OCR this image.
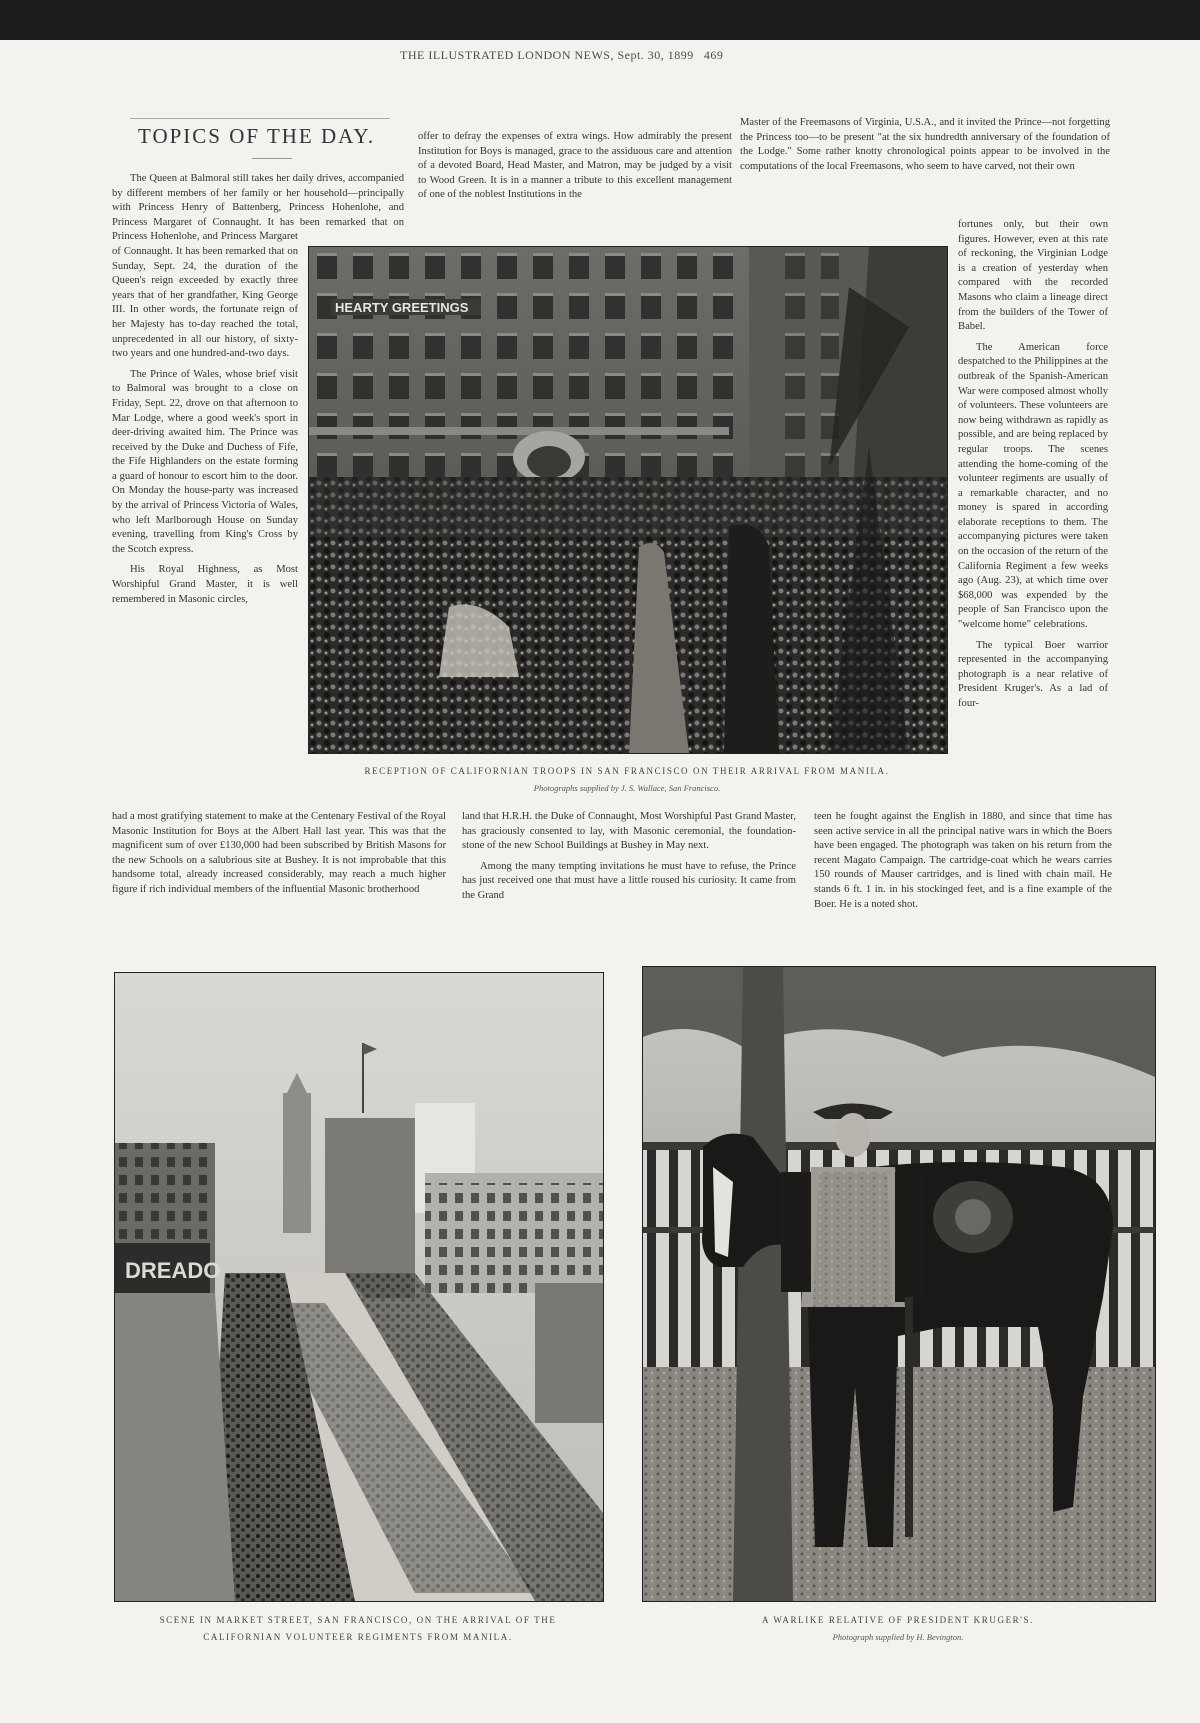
THE ILLUSTRATED LONDON NEWS, Sept. 30, 1899 469
TOPICS OF THE DAY.

The Queen at Balmoral still takes her daily drives, accompanied by different members of her family or her household—principally with Princess Henry of Battenberg, Princess Hohenlohe, and Princess Margaret of Connaught. It has been remarked that on

offer to defray the expenses of extra wings. How admirably the present Institution for Boys is managed, grace to the assiduous care and attention of a devoted Board, Head Master, and Matron, may be judged by a visit to Wood Green. It is in a manner a tribute to this excellent management of one of the noblest Institutions in the

Master of the Freemasons of Virginia, U.S.A., and it invited the Prince—not forgetting the Princess too—to be present "at the six hundredth anniversary of the foundation of the Lodge." Some rather knotty chronological points appear to be involved in the computations of the local Freemasons, who seem to have carved, not their own

Princess Hohenlohe, and Princess Margaret of Connaught. It has been remarked that on Sunday, Sept. 24, the duration of the Queen's reign exceeded by exactly three years that of her grandfather, King George III. In other words, the fortunate reign of her Majesty has to-day reached the total, unprecedented in all our history, of sixty-two years and one hundred-and-two days.

The Prince of Wales, whose brief visit to Balmoral was brought to a close on Friday, Sept. 22, drove on that afternoon to Mar Lodge, where a good week's sport in deer-driving awaited him. The Prince was received by the Duke and Duchess of Fife, the Fife Highlanders on the estate forming a guard of honour to escort him to the door. On Monday the house-party was increased by the arrival of Princess Victoria of Wales, who left Marlborough House on Sunday evening, travelling from King's Cross by the Scotch express.

His Royal Highness, as Most Worshipful Grand Master, it is well remembered in Masonic circles,

fortunes only, but their own figures. However, even at this rate of reckoning, the Virginian Lodge is a creation of yesterday when compared with the recorded Masons who claim a lineage direct from the builders of the Tower of Babel.

The American force despatched to the Philippines at the outbreak of the Spanish-American War were composed almost wholly of volunteers. These volunteers are now being withdrawn as rapidly as possible, and are being replaced by regular troops. The scenes attending the home-coming of the volunteer regiments are usually of a remarkable character, and no money is spared in according elaborate receptions to them. The accompanying pictures were taken on the occasion of the return of the California Regiment a few weeks ago (Aug. 23), at which time over $68,000 was expended by the people of San Francisco upon the "welcome home" celebrations.

The typical Boer warrior represented in the accompanying photograph is a near relative of President Kruger's. As a lad of four-

HEARTY GREETINGS
RECEPTION OF CALIFORNIAN TROOPS IN SAN FRANCISCO ON THEIR ARRIVAL FROM MANILA.
Photographs supplied by J. S. Wallace, San Francisco.

had a most gratifying statement to make at the Centenary Festival of the Royal Masonic Institution for Boys at the Albert Hall last year. This was that the magnificent sum of over £130,000 had been subscribed by British Masons for the new Schools on a salubrious site at Bushey. It is not improbable that this handsome total, already increased considerably, may reach a much higher figure if rich individual members of the influential Masonic brotherhood

land that H.R.H. the Duke of Connaught, Most Worshipful Past Grand Master, has graciously consented to lay, with Masonic ceremonial, the foundation-stone of the new School Buildings at Bushey in May next.

Among the many tempting invitations he must have to refuse, the Prince has just received one that must have a little roused his curiosity. It came from the Grand

teen he fought against the English in 1880, and since that time has seen active service in all the principal native wars in which the Boers have been engaged. The photograph was taken on his return from the recent Magato Campaign. The cartridge-coat which he wears carries 150 rounds of Mauser cartridges, and is lined with chain mail. He stands 6 ft. 1 in. in his stockinged feet, and is a fine example of the Boer. He is a noted shot.

DREADO
SCENE IN MARKET STREET, SAN FRANCISCO, ON THE ARRIVAL OF THE
CALIFORNIAN VOLUNTEER REGIMENTS FROM MANILA.
A WARLIKE RELATIVE OF PRESIDENT KRUGER'S.
Photograph supplied by H. Bevington.
